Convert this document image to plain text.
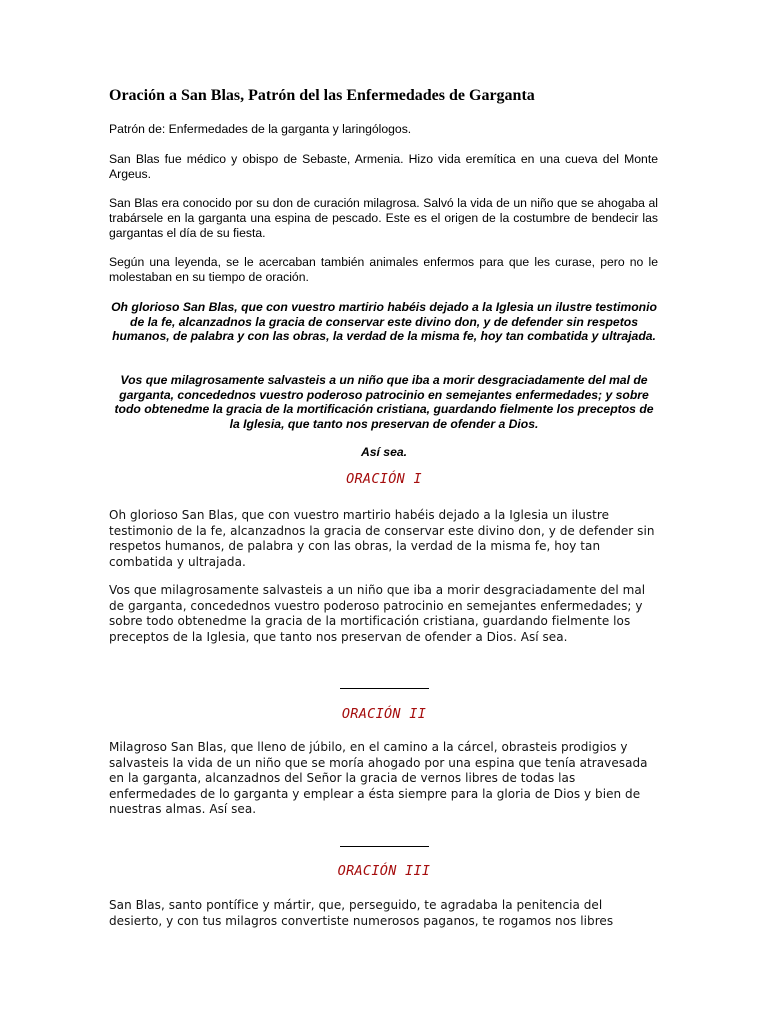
Oración a San Blas, Patrón del las Enfermedades de Garganta
Patrón de: Enfermedades de la garganta y laringólogos.
San Blas fue médico y obispo de Sebaste, Armenia. Hizo vida eremítica en una cueva del Monte Argeus.
San Blas era conocido por su don de curación milagrosa. Salvó la vida de un niño que se ahogaba al trabársele en la garganta una espina de pescado. Este es el origen de la costumbre de bendecir las gargantas el día de su fiesta.
Según una leyenda, se le acercaban también animales enfermos para que les curase, pero no le molestaban en su tiempo de oración.
Oh glorioso San Blas, que con vuestro martirio habéis dejado a la Iglesia un ilustre testimonio de la fe, alcanzadnos la gracia de conservar este divino don, y de defender sin respetos humanos, de palabra y con las obras, la verdad de la misma fe, hoy tan combatida y ultrajada.
Vos que milagrosamente salvasteis a un niño que iba a morir desgraciadamente del mal de garganta, concedednos vuestro poderoso patrocinio en semejantes enfermedades; y sobre todo obtenedme la gracia de la mortificación cristiana, guardando fielmente los preceptos de la Iglesia, que tanto nos preservan de ofender a Dios.
Así sea.
ORACIÓN I
Oh glorioso San Blas, que con vuestro martirio habéis dejado a la Iglesia un ilustre testimonio de la fe, alcanzadnos la gracia de conservar este divino don, y de defender sin respetos humanos, de palabra y con las obras, la verdad de la misma fe, hoy tan combatida y ultrajada.
Vos que milagrosamente salvasteis a un niño que iba a morir desgraciadamente del mal de garganta, concedednos vuestro poderoso patrocinio en semejantes enfermedades; y sobre todo obtenedme la gracia de la mortificación cristiana, guardando fielmente los preceptos de la Iglesia, que tanto nos preservan de ofender a Dios. Así sea.
ORACIÓN II
Milagroso San Blas, que lleno de júbilo, en el camino a la cárcel, obrasteis prodigios y salvasteis la vida de un niño que se moría ahogado por una espina que tenía atravesada en la garganta, alcanzadnos del Señor la gracia de vernos libres de todas las enfermedades de lo garganta y emplear a ésta siempre para la gloria de Dios y bien de nuestras almas. Así sea.
ORACIÓN III
San Blas, santo pontífice y mártir, que, perseguido, te agradaba la penitencia del desierto, y con tus milagros convertiste numerosos paganos, te rogamos nos libres
